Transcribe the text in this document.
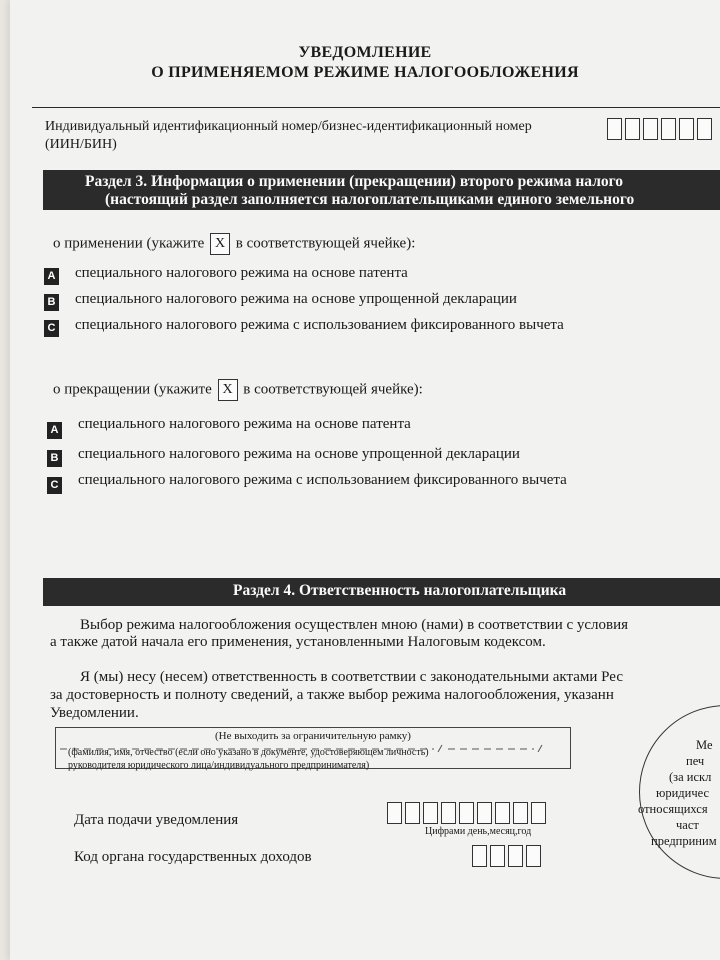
УВЕДОМЛЕНИЕ
О ПРИМЕНЯЕМОМ РЕЖИМЕ НАЛОГООБЛОЖЕНИЯ
Индивидуальный идентификационный номер/бизнес-идентификационный номер
(ИИН/БИН)
Раздел 3. Информация о применении (прекращении) второго режима налого
(настоящий раздел заполняется налогоплательщиками единого земельного
о применении (укажите X в соответствующей ячейке):
A специального налогового режима на основе патента
B специального налогового режима на основе упрощенной декларации
C специального налогового режима с использованием фиксированного вычета
о прекращении (укажите X в соответствующей ячейке):
A специального налогового режима на основе патента
B специального налогового режима на основе упрощенной декларации
C специального налогового режима с использованием фиксированного вычета
Раздел 4. Ответственность налогоплательщика
Выбор режима налогообложения осуществлен мною (нами) в соответствии с условия
а также датой начала его применения, установленными Налоговым кодексом.
Я (мы) несу (несем) ответственность в соответствии с законодательными актами Рес
за достоверность и полноту сведений, а также выбор режима налогообложения, указанн
Уведомлении.
(Не выходить за ограничительную рамку)
(фамилия, имя, отчество (если оно указано в документе, удостоверяющем личность)
руководителя юридического лица/индивидуального предпринимателя)
Дата подачи уведомления
Цифрами день,месяц,год
Код органа государственных доходов
Ме
печ
(за искл
юридичес
относящихся
част
предприним
